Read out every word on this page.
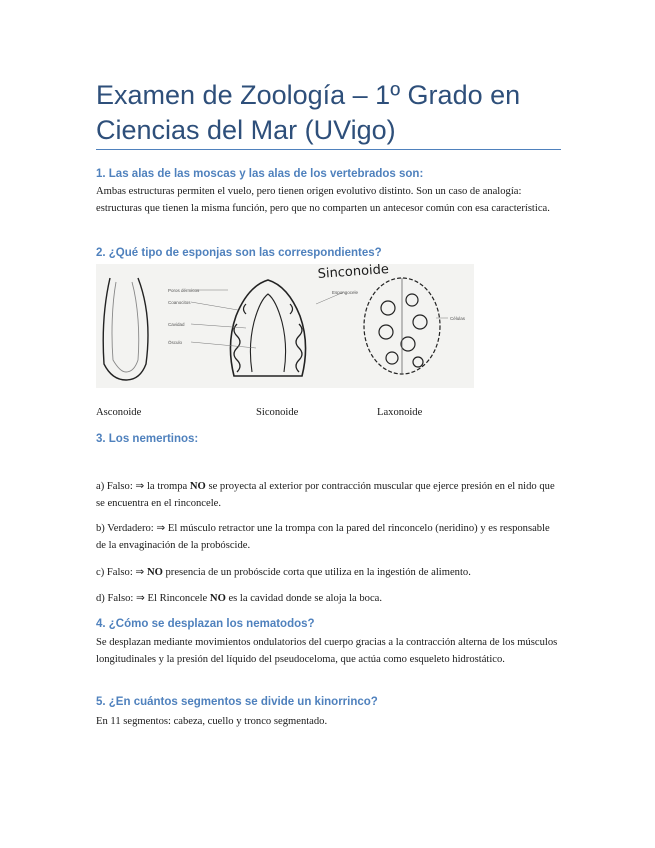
Examen de Zoología – 1º Grado en Ciencias del Mar (UVigo)
1. Las alas de las moscas y las alas de los vertebrados son:

Ambas estructuras permiten el vuelo, pero tienen origen evolutivo distinto. Son un caso de analogía: estructuras que tienen la misma función, pero que no comparten un antecesor común con esa característica.

2. ¿Qué tipo de esponjas son las correspondientes?
Poros dérmicos
Coanocitos
Cavidad
Ósculo
Espongocele
Células
Sinconoide
Asconoide	Siconoide	Laxonoide
3. Los nemertinos:

a) Falso: ⇒ la trompa NO se proyecta al exterior por contracción muscular que ejerce presión en el nido que se encuentra en el rinconcele.

b) Verdadero: ⇒ El músculo retractor une la trompa con la pared del rinconcelo (neridino) y es responsable de la envaginación de la probóscide.

c) Falso: ⇒ NO presencia de un probóscide corta que utiliza en la ingestión de alimento.

d) Falso: ⇒ El Rinconcele NO es la cavidad donde se aloja la boca.

4. ¿Cómo se desplazan los nematodos?

Se desplazan mediante movimientos ondulatorios del cuerpo gracias a la contracción alterna de los músculos longitudinales y la presión del líquido del pseudoceloma, que actúa como esqueleto hidrostático.

5. ¿En cuántos segmentos se divide un kinorrinco?

En 11 segmentos: cabeza, cuello y tronco segmentado.
